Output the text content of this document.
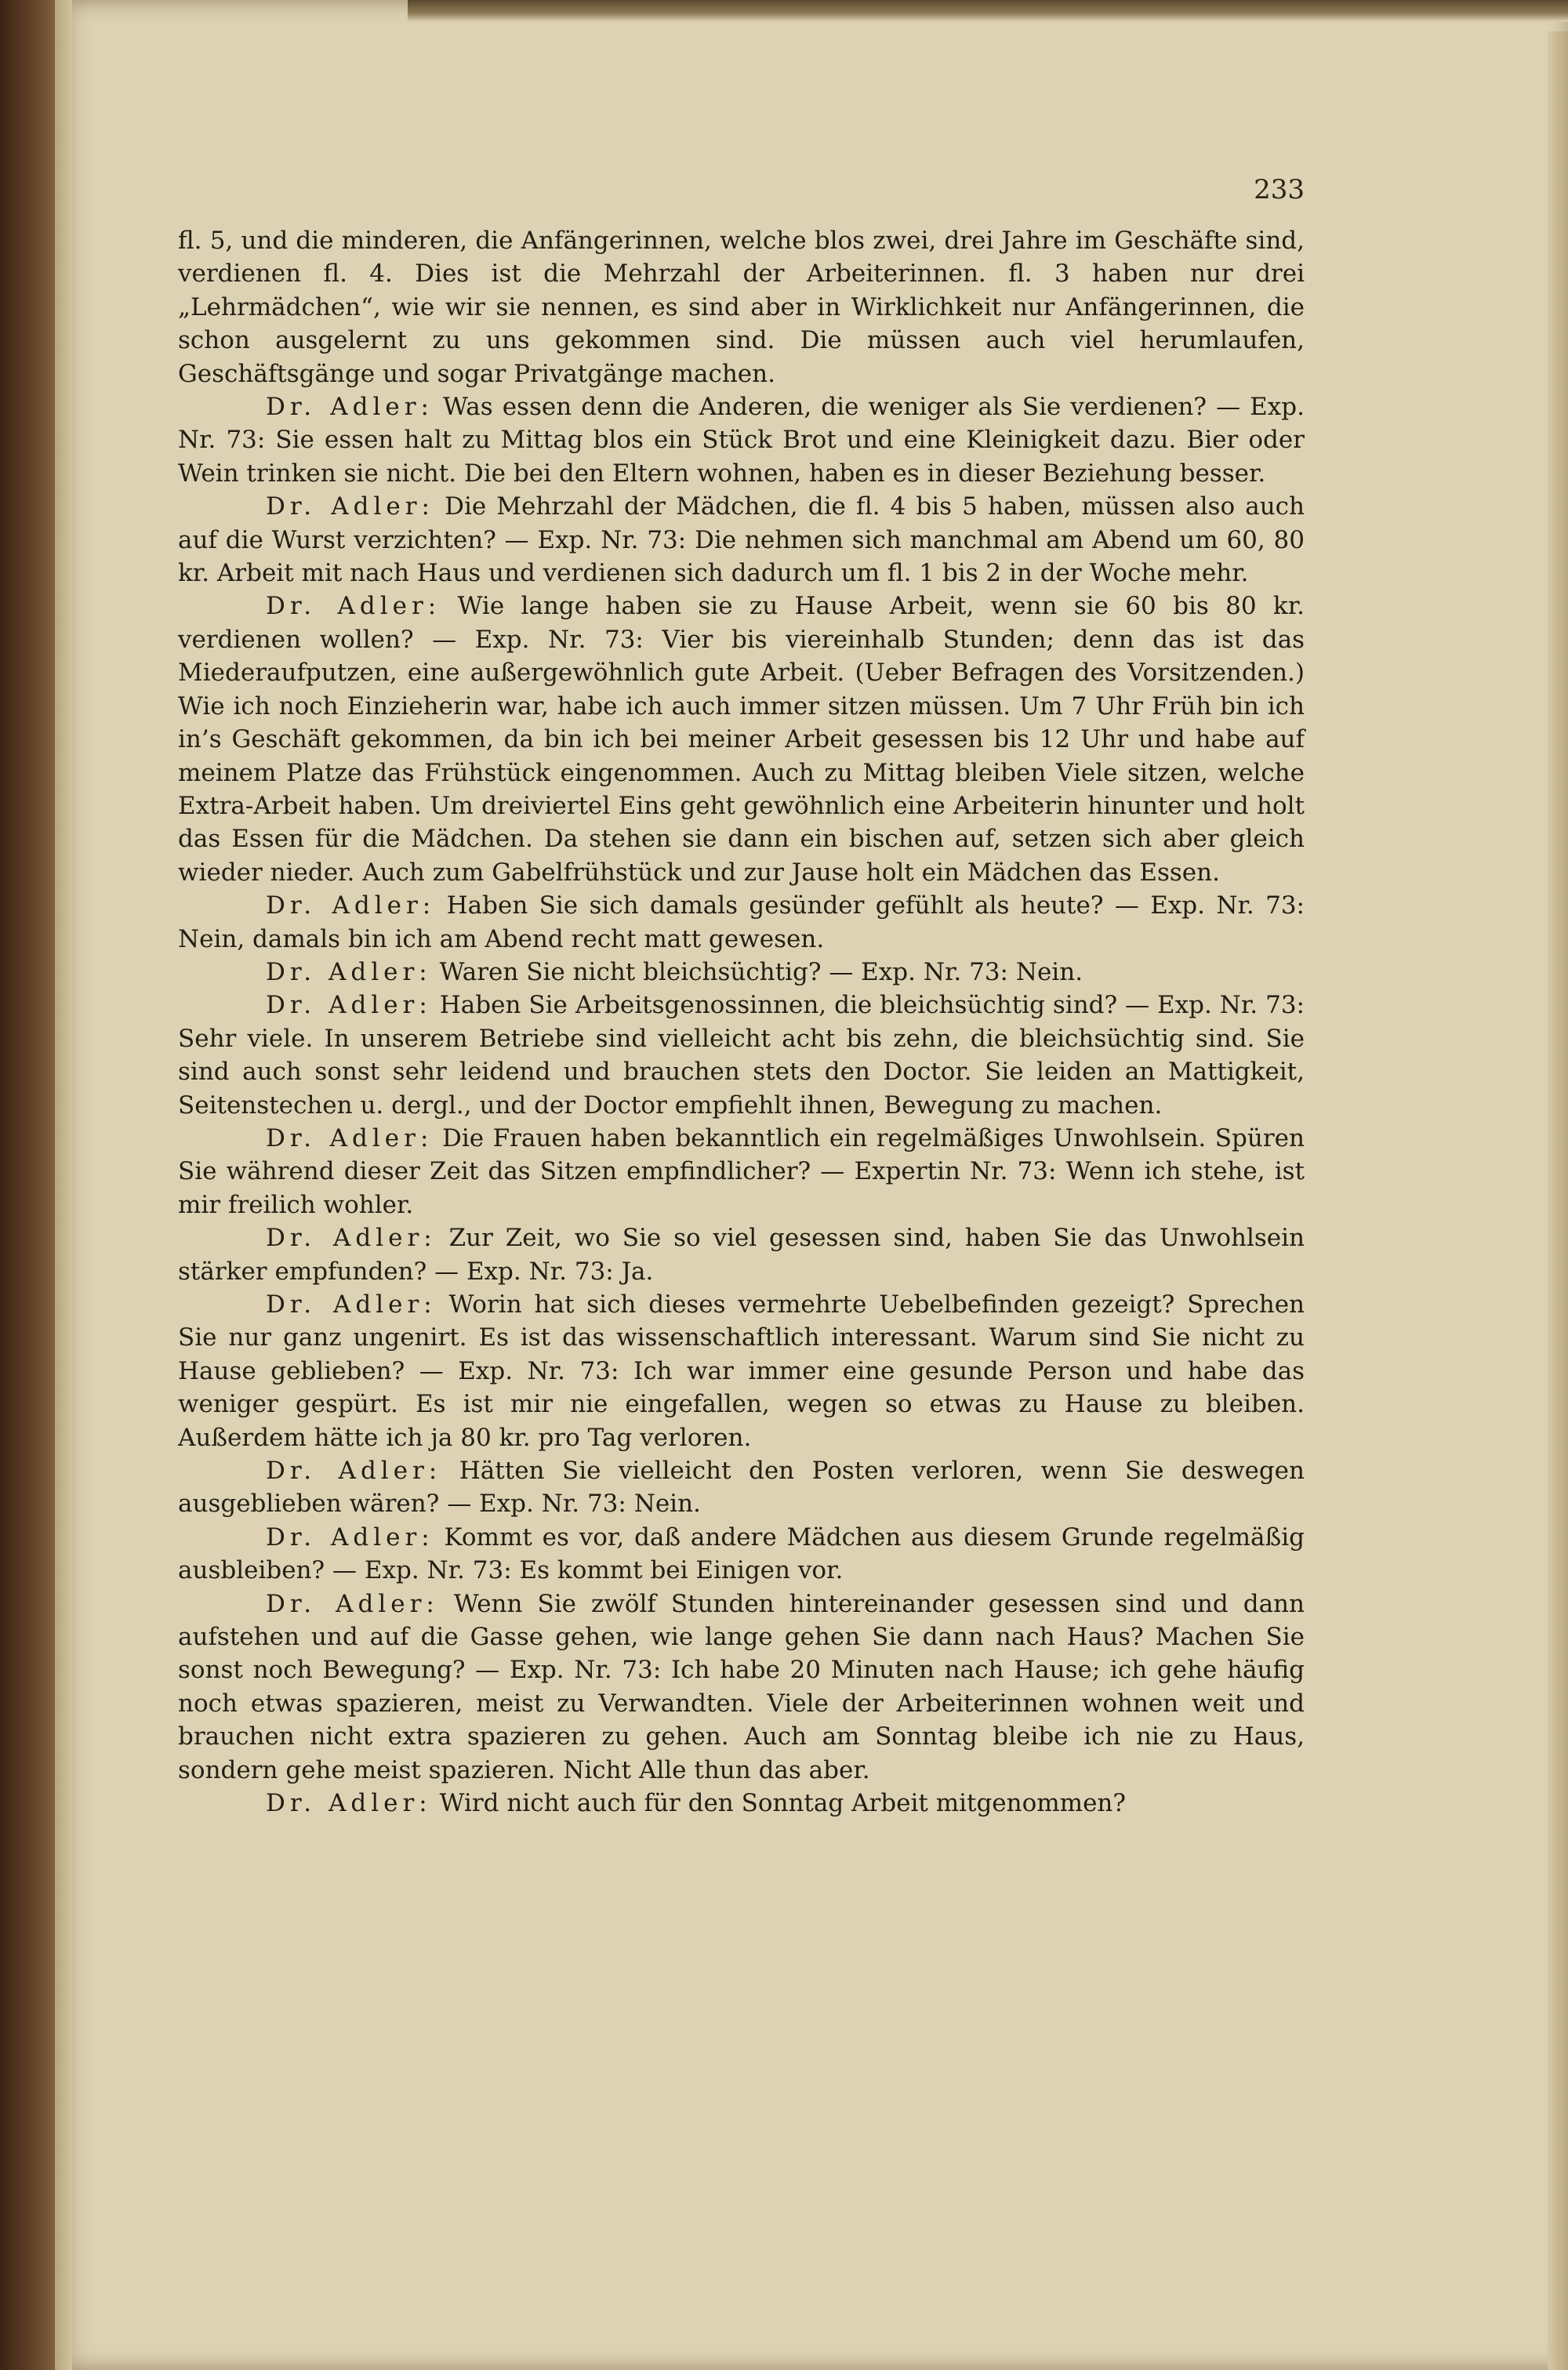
233

fl. 5, und die minderen, die Anfängerinnen, welche blos zwei, drei Jahre im Geschäfte sind, verdienen fl. 4. Dies ist die Mehrzahl der Arbeiterinnen. fl. 3 haben nur drei „Lehrmädchen“, wie wir sie nennen, es sind aber in Wirklichkeit nur Anfängerinnen, die schon ausgelernt zu uns gekommen sind. Die müssen auch viel herumlaufen, Geschäftsgänge und sogar Privatgänge machen.

Dr. Adler: Was essen denn die Anderen, die weniger als Sie verdienen? — Exp. Nr. 73: Sie essen halt zu Mittag blos ein Stück Brot und eine Kleinigkeit dazu. Bier oder Wein trinken sie nicht. Die bei den Eltern wohnen, haben es in dieser Beziehung besser.

Dr. Adler: Die Mehrzahl der Mädchen, die fl. 4 bis 5 haben, müssen also auch auf die Wurst verzichten? — Exp. Nr. 73: Die nehmen sich manchmal am Abend um 60, 80 kr. Arbeit mit nach Haus und verdienen sich dadurch um fl. 1 bis 2 in der Woche mehr.

Dr. Adler: Wie lange haben sie zu Hause Arbeit, wenn sie 60 bis 80 kr. verdienen wollen? — Exp. Nr. 73: Vier bis viereinhalb Stunden; denn das ist das Miederaufputzen, eine außergewöhnlich gute Arbeit. (Ueber Befragen des Vorsitzenden.) Wie ich noch Einzieherin war, habe ich auch immer sitzen müssen. Um 7 Uhr Früh bin ich in’s Geschäft gekommen, da bin ich bei meiner Arbeit gesessen bis 12 Uhr und habe auf meinem Platze das Frühstück eingenommen. Auch zu Mittag bleiben Viele sitzen, welche Extra-Arbeit haben. Um dreiviertel Eins geht gewöhnlich eine Arbeiterin hinunter und holt das Essen für die Mädchen. Da stehen sie dann ein bischen auf, setzen sich aber gleich wieder nieder. Auch zum Gabelfrühstück und zur Jause holt ein Mädchen das Essen.

Dr. Adler: Haben Sie sich damals gesünder gefühlt als heute? — Exp. Nr. 73: Nein, damals bin ich am Abend recht matt gewesen.

Dr. Adler: Waren Sie nicht bleichsüchtig? — Exp. Nr. 73: Nein.

Dr. Adler: Haben Sie Arbeitsgenossinnen, die bleichsüchtig sind? — Exp. Nr. 73: Sehr viele. In unserem Betriebe sind vielleicht acht bis zehn, die bleichsüchtig sind. Sie sind auch sonst sehr leidend und brauchen stets den Doctor. Sie leiden an Mattigkeit, Seitenstechen u. dergl., und der Doctor empfiehlt ihnen, Bewegung zu machen.

Dr. Adler: Die Frauen haben bekanntlich ein regelmäßiges Unwohlsein. Spüren Sie während dieser Zeit das Sitzen empfindlicher? — Expertin Nr. 73: Wenn ich stehe, ist mir freilich wohler.

Dr. Adler: Zur Zeit, wo Sie so viel gesessen sind, haben Sie das Unwohlsein stärker empfunden? — Exp. Nr. 73: Ja.

Dr. Adler: Worin hat sich dieses vermehrte Uebelbefinden gezeigt? Sprechen Sie nur ganz ungenirt. Es ist das wissenschaftlich interessant. Warum sind Sie nicht zu Hause geblieben? — Exp. Nr. 73: Ich war immer eine gesunde Person und habe das weniger gespürt. Es ist mir nie eingefallen, wegen so etwas zu Hause zu bleiben. Außerdem hätte ich ja 80 kr. pro Tag verloren.

Dr. Adler: Hätten Sie vielleicht den Posten verloren, wenn Sie deswegen ausgeblieben wären? — Exp. Nr. 73: Nein.

Dr. Adler: Kommt es vor, daß andere Mädchen aus diesem Grunde regelmäßig ausbleiben? — Exp. Nr. 73: Es kommt bei Einigen vor.

Dr. Adler: Wenn Sie zwölf Stunden hintereinander gesessen sind und dann aufstehen und auf die Gasse gehen, wie lange gehen Sie dann nach Haus? Machen Sie sonst noch Bewegung? — Exp. Nr. 73: Ich habe 20 Minuten nach Hause; ich gehe häufig noch etwas spazieren, meist zu Verwandten. Viele der Arbeiterinnen wohnen weit und brauchen nicht extra spazieren zu gehen. Auch am Sonntag bleibe ich nie zu Haus, sondern gehe meist spazieren. Nicht Alle thun das aber.

Dr. Adler: Wird nicht auch für den Sonntag Arbeit mitgenommen?
